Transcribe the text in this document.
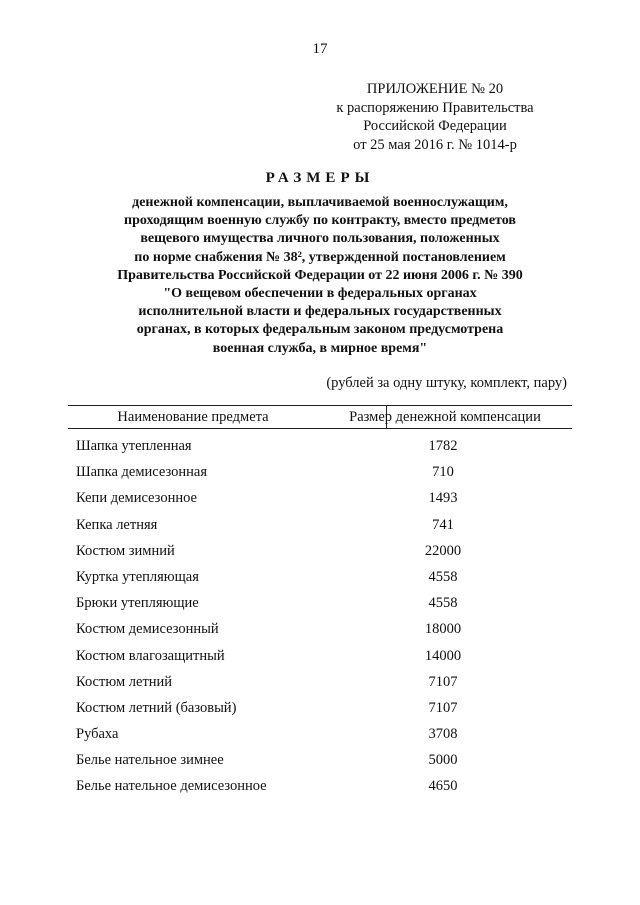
17
ПРИЛОЖЕНИЕ № 20
к распоряжению Правительства
Российской Федерации
от 25 мая 2016 г. № 1014-р
РАЗМЕРЫ
денежной компенсации, выплачиваемой военнослужащим,
проходящим военную службу по контракту, вместо предметов
вещевого имущества личного пользования, положенных
по норме снабжения № 38², утвержденной постановлением
Правительства Российской Федерации от 22 июня 2006 г. № 390
"О вещевом обеспечении в федеральных органах
исполнительной власти и федеральных государственных
органах, в которых федеральным законом предусмотрена
военная служба, в мирное время"
(рублей за одну штуку, комплект, пару)
Наименование предмета	Размер денежной компенсации
Шапка утепленная	1782
Шапка демисезонная	710
Кепи демисезонное	1493
Кепка летняя	741
Костюм зимний	22000
Куртка утепляющая	4558
Брюки утепляющие	4558
Костюм демисезонный	18000
Костюм влагозащитный	14000
Костюм летний	7107
Костюм летний (базовый)	7107
Рубаха	3708
Белье нательное зимнее	5000
Белье нательное демисезонное	4650
